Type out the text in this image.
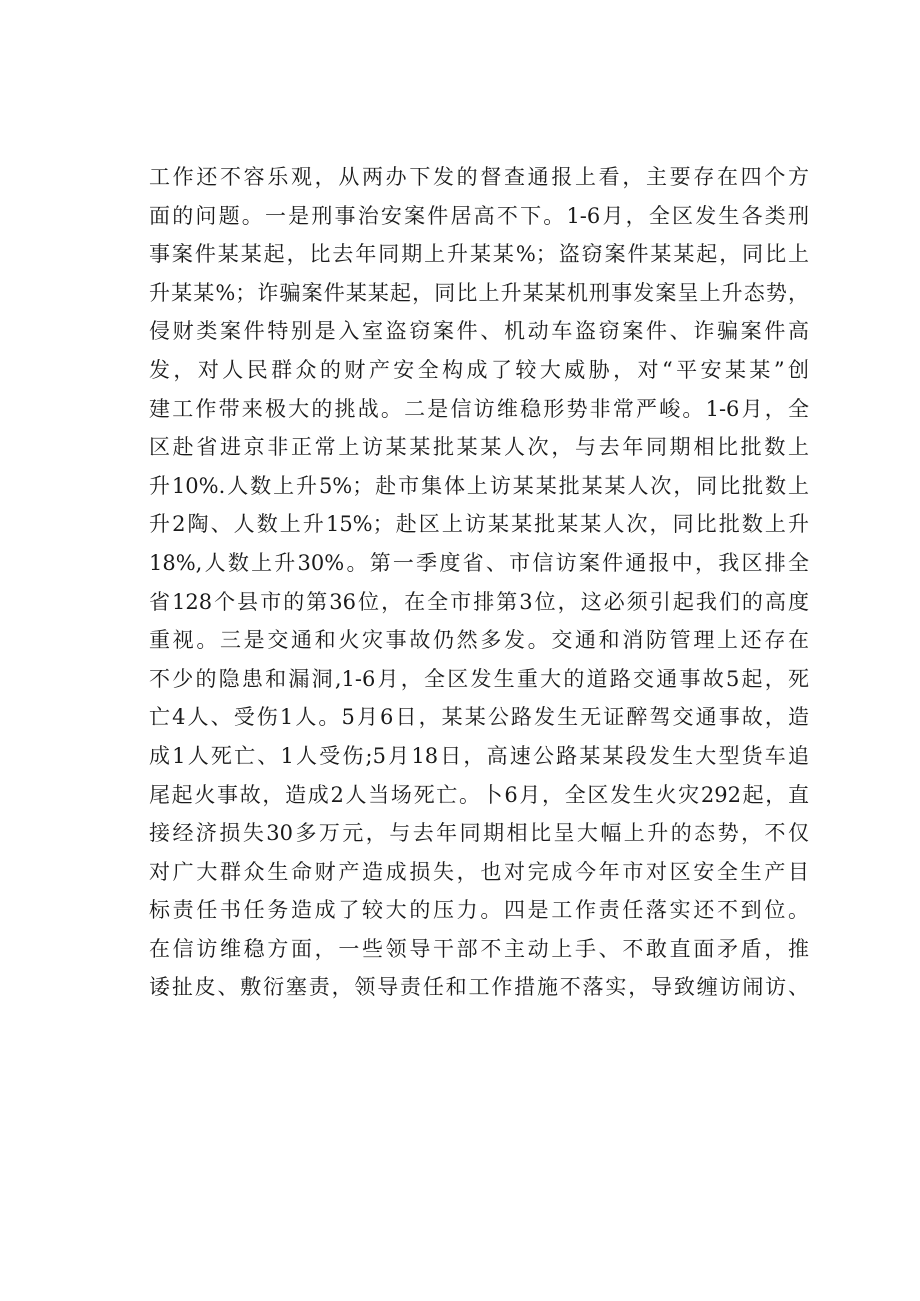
工作还不容乐观，从两办下发的督查通报上看，主要存在四个方
面的问题。一是刑事治安案件居高不下。1-6月，全区发生各类刑
事案件某某起，比去年同期上升某某%；盗窃案件某某起，同比上
升某某%；诈骗案件某某起，同比上升某某机刑事发案呈上升态势，
侵财类案件特别是入室盗窃案件、机动车盗窃案件、诈骗案件高
发，对人民群众的财产安全构成了较大威胁，对“平安某某”创
建工作带来极大的挑战。二是信访维稳形势非常严峻。1-6月，全
区赴省进京非正常上访某某批某某人次，与去年同期相比批数上
升10%.人数上升5%；赴市集体上访某某批某某人次，同比批数上
升2陶、人数上升15%；赴区上访某某批某某人次，同比批数上升
18%,人数上升30%。第一季度省、市信访案件通报中，我区排全
省128个县市的第36位，在全市排第3位，这必须引起我们的高度
重视。三是交通和火灾事故仍然多发。交通和消防管理上还存在
不少的隐患和漏洞,1-6月，全区发生重大的道路交通事故5起，死
亡4人、受伤1人。5月6日，某某公路发生无证醉驾交通事故，造
成1人死亡、1人受伤;5月18日，高速公路某某段发生大型货车追
尾起火事故，造成2人当场死亡。卜6月，全区发生火灾292起，直
接经济损失30多万元，与去年同期相比呈大幅上升的态势，不仅
对广大群众生命财产造成损失，也对完成今年市对区安全生产目
标责任书任务造成了较大的压力。四是工作责任落实还不到位。
在信访维稳方面，一些领导干部不主动上手、不敢直面矛盾，推
诿扯皮、敷衍塞责，领导责任和工作措施不落实，导致缠访闹访、
